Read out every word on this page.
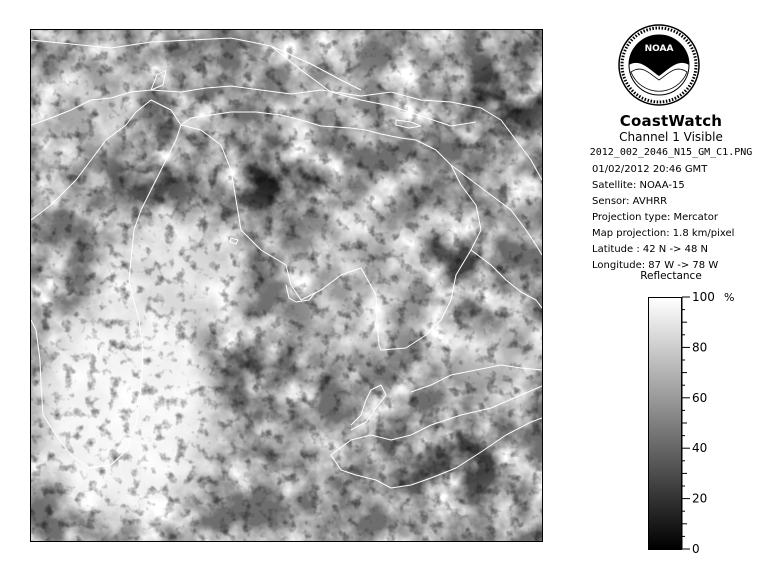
NOAA
CoastWatch
Channel 1 Visible
2012_002_2046_N15_GM_C1.PNG
01/02/2012 20:46 GMT
Satellite: NOAA-15
Sensor: AVHRR
Projection type: Mercator
Map projection: 1.8 km/pixel
Latitude : 42 N -> 48 N
Longitude: 87 W -> 78 W
Reflectance
0
20
40
60
80
100 %
